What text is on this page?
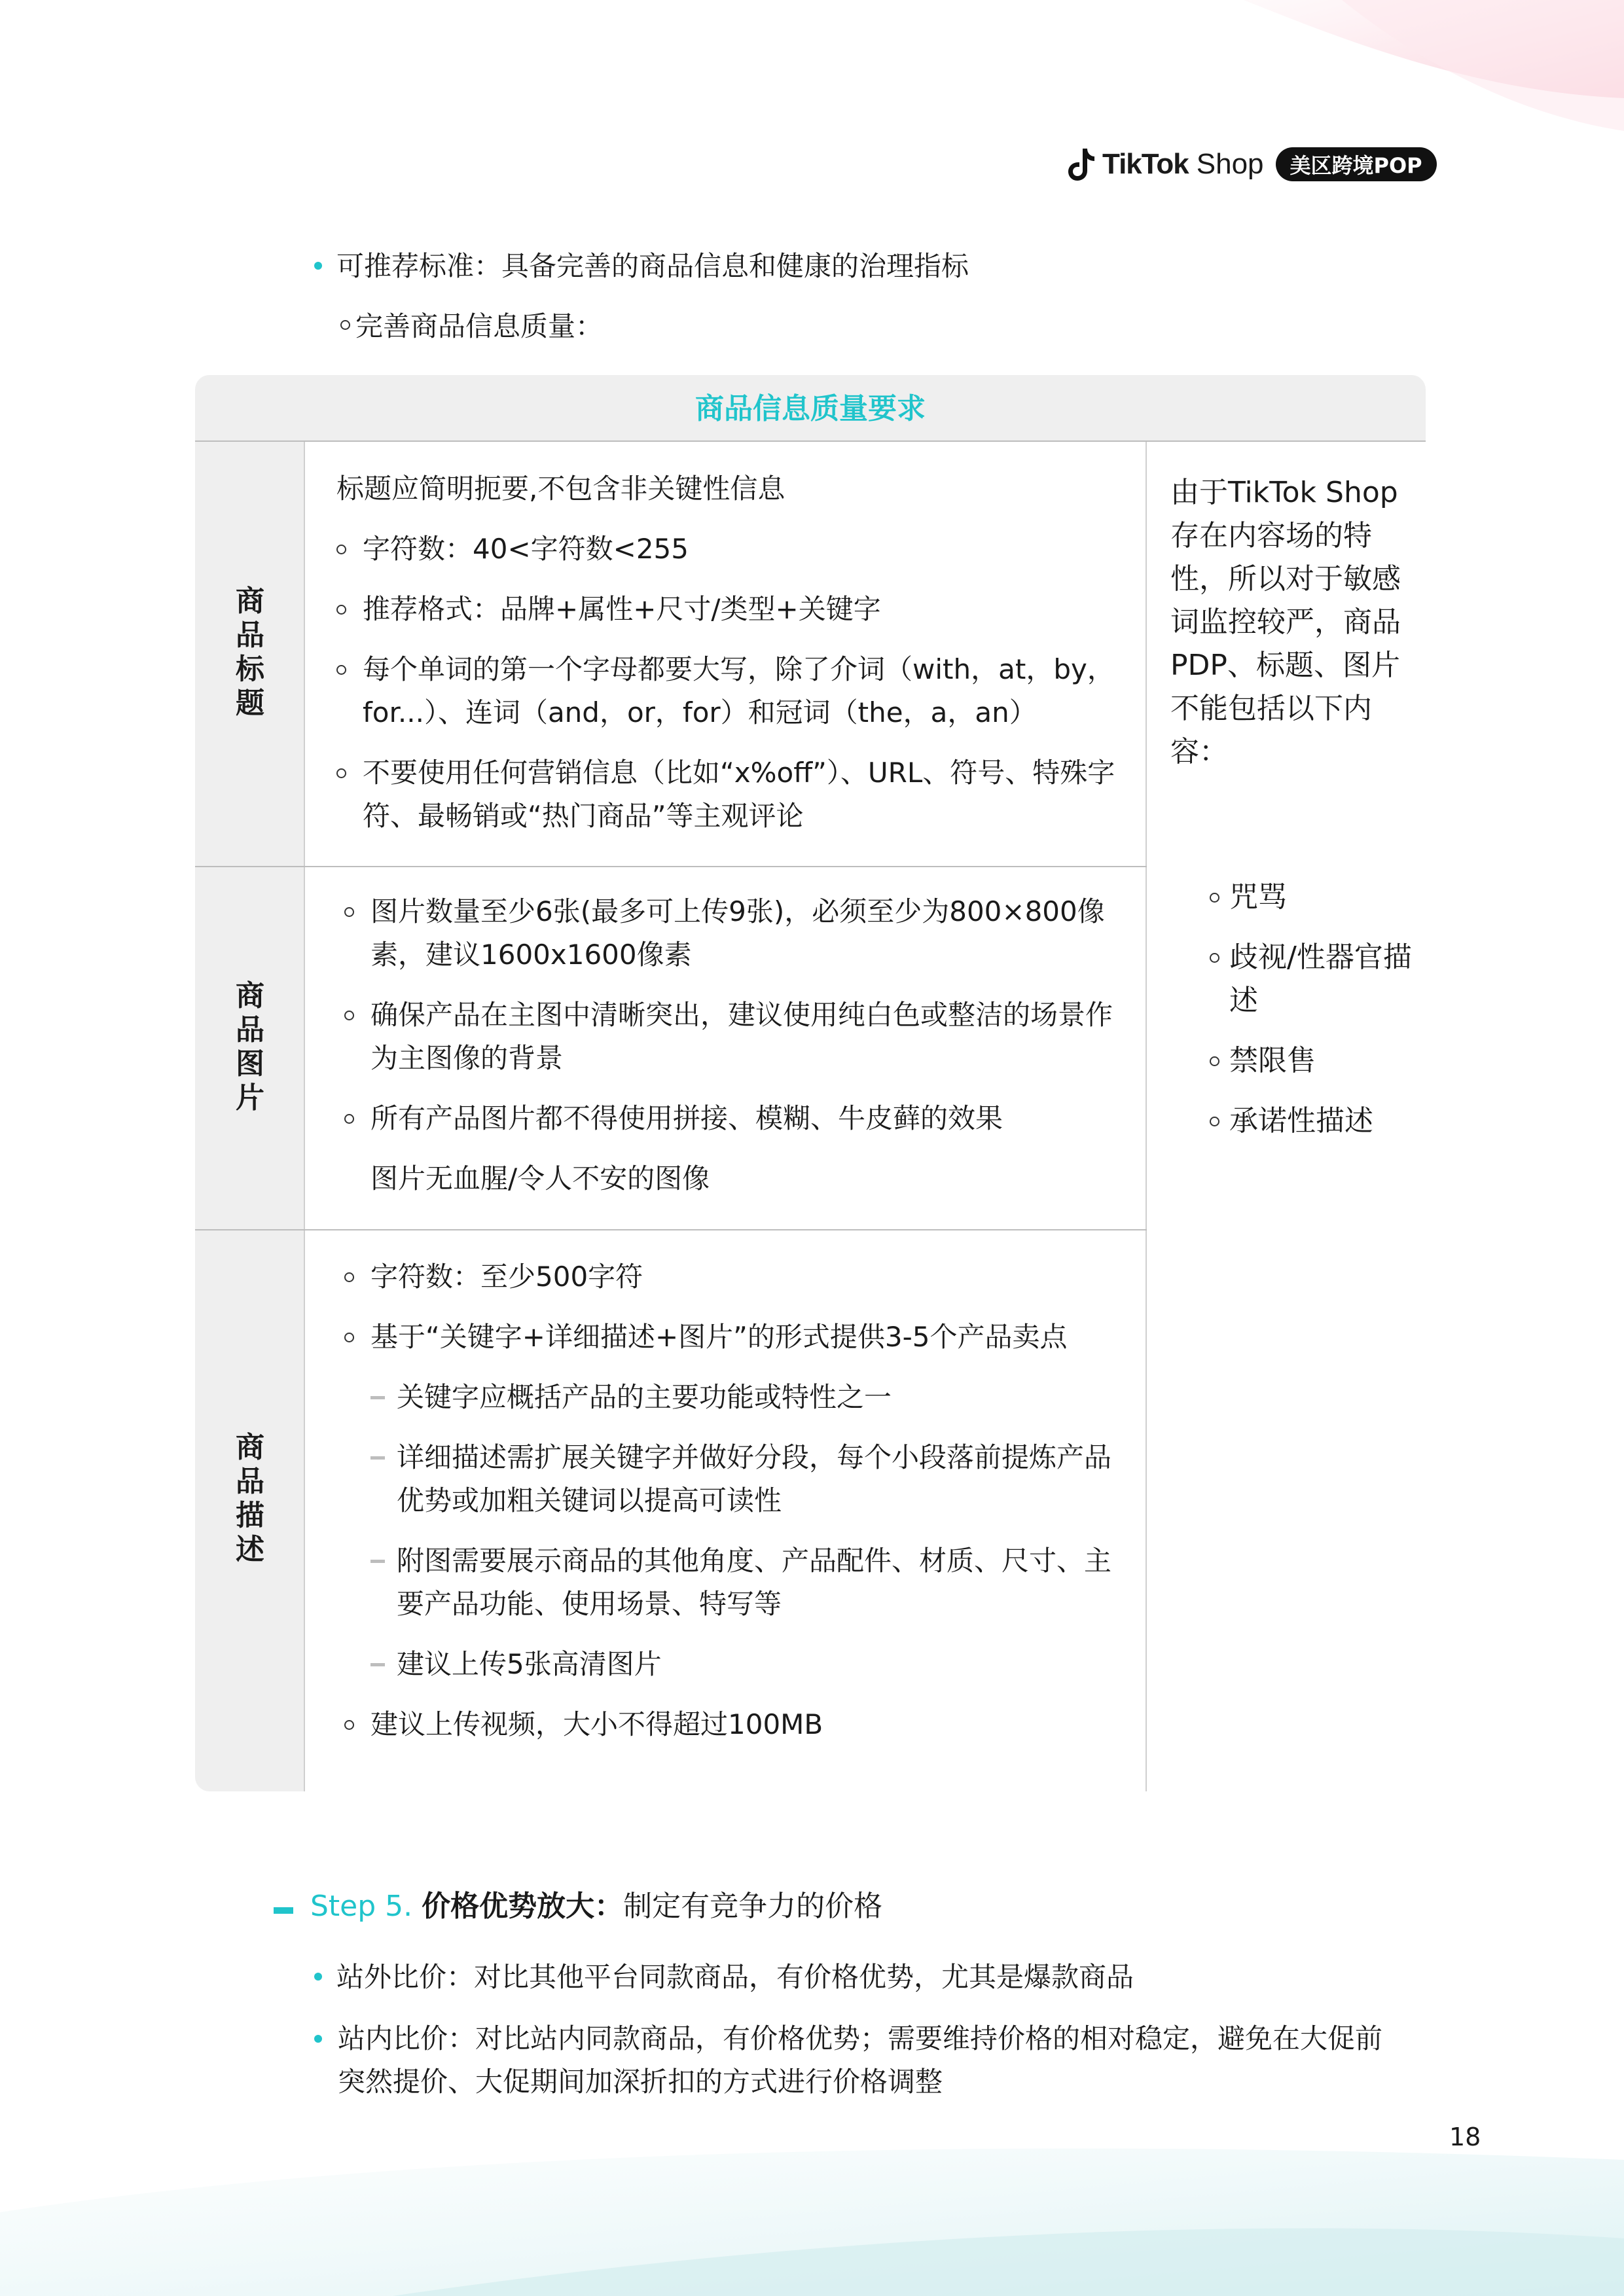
TikTok Shop	美区跨境POP
可推荐标准：具备完善的商品信息和健康的治理指标
完善商品信息质量：
商品信息质量要求
商品标题
商品图片
商品描述
标题应简明扼要,不包含非关键性信息
字符数：40<字符数<255
推荐格式：品牌+属性+尺寸/类型+关键字
每个单词的第一个字母都要大写，除了介词（with，at，by，for...）、连词（and，or，for）和冠词（the，a，an）
不要使用任何营销信息（比如“x%off”）、URL、符号、特殊字符、最畅销或“热门商品”等主观评论
图片数量至少6张(最多可上传9张)，必须至少为800×800像素，建议1600x1600像素
确保产品在主图中清晰突出，建议使用纯白色或整洁的场景作为主图像的背景
所有产品图片都不得使用拼接、模糊、牛皮藓的效果
图片无血腥/令人不安的图像
字符数：至少500字符
基于“关键字+详细描述+图片”的形式提供3-5个产品卖点
关键字应概括产品的主要功能或特性之一
详细描述需扩展关键字并做好分段，每个小段落前提炼产品优势或加粗关键词以提高可读性
附图需要展示商品的其他角度、产品配件、材质、尺寸、主要产品功能、使用场景、特写等
建议上传5张高清图片
建议上传视频，大小不得超过100MB
由于TikTok Shop存在内容场的特性，所以对于敏感词监控较严，商品PDP、标题、图片不能包括以下内容：
咒骂
歧视/性器官描述
禁限售
承诺性描述
Step 5. 价格优势放大：制定有竞争力的价格
站外比价：对比其他平台同款商品，有价格优势，尤其是爆款商品
站内比价：对比站内同款商品，有价格优势；需要维持价格的相对稳定，避免在大促前突然提价、大促期间加深折扣的方式进行价格调整
18
